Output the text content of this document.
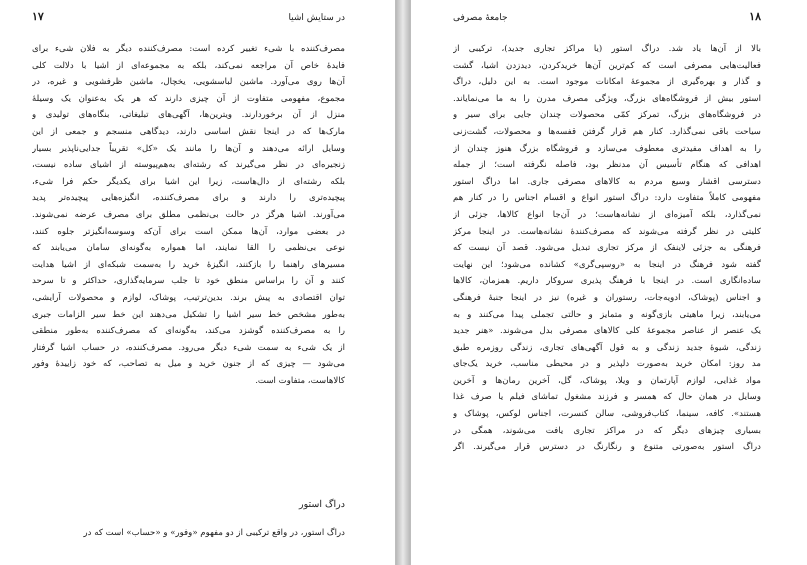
در ستایش اشیا
۱۷
مصرف‌کننده با شیء تغییر کرده است: مصرف‌کننده دیگر به فلان شیء برای
فایدهٔ خاص آن مراجعه نمی‌کند، بلکه به مجموعه‌ای از اشیا با دلالت کلی
آن‌ها روی می‌آورد. ماشین لباسشویی، یخچال، ماشین ظرفشویی و غیره، در
مجموع، مفهومی متفاوت از آن چیزی دارند که هر یک به‌عنوان یک وسیلهٔ
منزل از آن برخوردارند. ویترین‌ها، آگهی‌های تبلیغاتی، بنگاه‌های تولیدی و
مارک‌ها که در اینجا نقش اساسی دارند، دیدگاهی منسجم و جمعی از این
وسایل ارائه می‌دهند و آن‌ها را مانند یک «کل» تقریباً جدایی‌ناپذیر بسیار
زنجیره‌ای در نظر می‌گیرند که رشته‌ای به‌هم‌پیوسته از اشیای ساده نیست،
بلکه رشته‌ای از دال‌هاست، زیرا این اشیا برای یکدیگر حکم فرا شیء،
پیچیده‌تری را دارند و برای مصرف‌کننده، انگیزه‌هایی پیچیده‌تر پدید
می‌آورند. اشیا هرگز در حالت بی‌نظمی مطلق برای مصرف عرضه نمی‌شوند.
در بعضی موارد، آن‌ها ممکن است برای آن‌که وسوسه‌انگیزتر جلوه کنند،
نوعی بی‌نظمی را القا نمایند، اما همواره به‌گونه‌ای سامان می‌یابند که
مسیرهای راهنما را بازکنند، انگیزهٔ خرید را به‌سمت شبکه‌ای از اشیا هدایت
کنند و آن را براساس منطق خود تا جلب سرمایه‌گذاری، حداکثر و تا سرحد
توان اقتصادی به پیش برند. بدین‌ترتیب، پوشاک، لوازم و محصولات آرایشی،
به‌طور مشخص خط سیر اشیا را تشکیل می‌دهند این خط سیر الزامات جبری
را به مصرف‌کننده گوشزد می‌کند، به‌گونه‌ای که مصرف‌کننده به‌طور منطقی
از یک شیء به سمت شیء دیگر می‌رود. مصرف‌کننده، در حساب اشیا گرفتار
می‌شود — چیزی که از جنون خرید و میل به تصاحب، که خود زاییدهٔ وفور
کالاهاست، متفاوت است.
دراگ استور
دراگ استور، در واقع ترکیبی از دو مفهوم «وفور» و «حساب» است که در
۱۸
جامعهٔ مصرفی
بالا از آن‌ها یاد شد. دراگ استور (یا مراکز تجاری جدید)، ترکیبی از
فعالیت‌هایی مصرفی است که کم‌ترین آن‌ها خریدکردن، دیدزدن اشیا، گشت
و گذار و بهره‌گیری از مجموعهٔ امکانات موجود است. به این دلیل، دراگ
استور بیش از فروشگاه‌های بزرگ، ویژگی مصرف مدرن را به ما می‌نمایاند.
در فروشگاه‌های بزرگ، تمرکز کمّی محصولات چندان جایی برای سیر و
سیاحت باقی نمی‌گذارد. کنار هم قرار گرفتن قفسه‌ها و محصولات، گشت‌زنی
را به اهداف مفیدتری معطوف می‌سازد و فروشگاه بزرگ هنوز چندان از
اهدافی که هنگام تأسیس آن مدنظر بود، فاصله نگرفته است؛ از جمله
دسترسی اقشار وسیع مردم به کالاهای مصرفی جاری. اما دراگ استور
مفهومی کاملاً متفاوت دارد: دراگ استور انواع و اقسام اجناس را در کنار هم
نمی‌گذارد، بلکه آمیزه‌ای از نشانه‌هاست؛ در آن‌جا انواع کالاها، جزئی از
کلیتی در نظر گرفته می‌شوند که مصرف‌کنندهٔ نشانه‌هاست. در اینجا مرکز
فرهنگی به جزئی لاینفک از مرکز تجاری تبدیل می‌شود. قصد آن نیست که
گفته شود فرهنگ در اینجا به «روسپی‌گری» کشانده می‌شود؛ این نهایت
ساده‌انگاری است. در اینجا با فرهنگ پذیری سروکار داریم. همزمان، کالاها
و اجناس (پوشاک، ادویه‌جات، رستوران و غیره) نیز در اینجا جنبهٔ فرهنگی
می‌یابند، زیرا ماهیتی بازی‌گونه و متمایز و حالتی تجملی پیدا می‌کنند و به
یک عنصر از عناصر مجموعهٔ کلی کالاهای مصرفی بدل می‌شوند. «هنر جدید
زندگی، شیوهٔ جدید زندگی و به قول آگهی‌های تجاری، زندگی روزمره طبق
مد روز: امکان خرید به‌صورت دلپذیر و در محیطی مناسب، خرید یک‌جای
مواد غذایی، لوازم آپارتمان و ویلا، پوشاک، گل، آخرین رمان‌ها و آخرین
وسایل در همان حال که همسر و فرزند مشغول تماشای فیلم یا صرف غذا
هستند». کافه، سینما، کتاب‌فروشی، سالن کنسرت، اجناس لوکس، پوشاک و
بسیاری چیزهای دیگر که در مراکز تجاری یافت می‌شوند، همگی در
دراگ استور به‌صورتی متنوع و رنگارنگ در دسترس قرار می‌گیرند. اگر
